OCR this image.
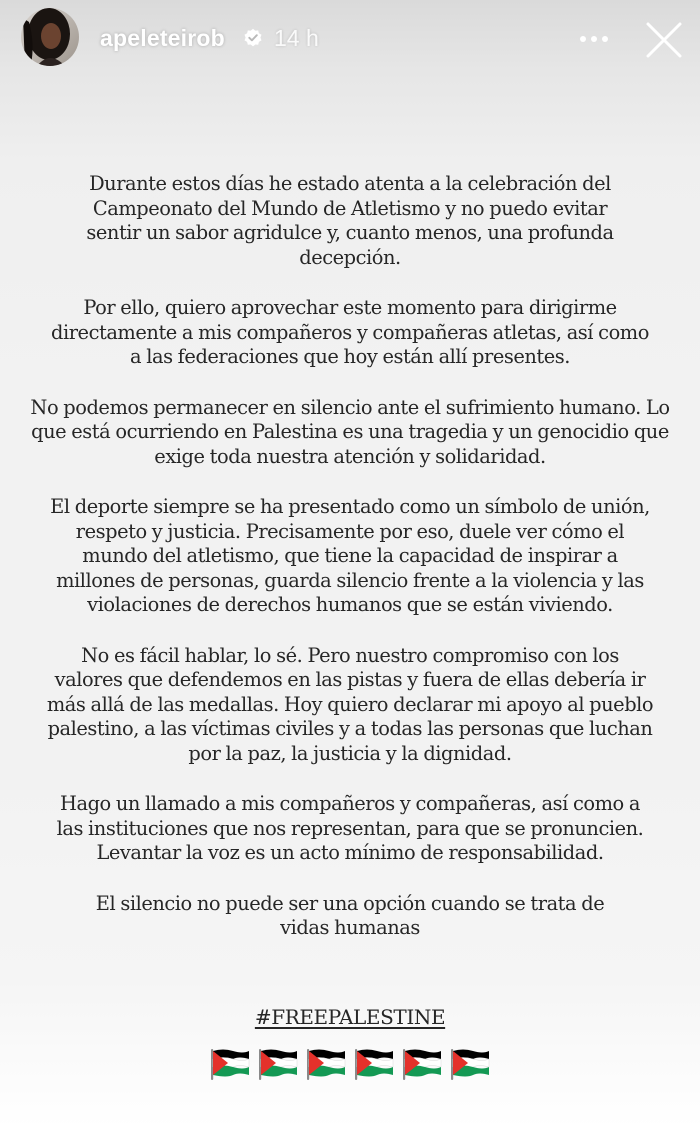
apeleteirob 14 h

Durante estos días he estado atenta a la celebración del Campeonato del Mundo de Atletismo y no puedo evitar sentir un sabor agridulce y, cuanto menos, una profunda decepción.

Por ello, quiero aprovechar este momento para dirigirme directamente a mis compañeros y compañeras atletas, así como a las federaciones que hoy están allí presentes.

No podemos permanecer en silencio ante el sufrimiento humano. Lo que está ocurriendo en Palestina es una tragedia y un genocidio que exige toda nuestra atención y solidaridad.

El deporte siempre se ha presentado como un símbolo de unión, respeto y justicia. Precisamente por eso, duele ver cómo el mundo del atletismo, que tiene la capacidad de inspirar a millones de personas, guarda silencio frente a la violencia y las violaciones de derechos humanos que se están viviendo.

No es fácil hablar, lo sé. Pero nuestro compromiso con los valores que defendemos en las pistas y fuera de ellas debería ir más allá de las medallas. Hoy quiero declarar mi apoyo al pueblo palestino, a las víctimas civiles y a todas las personas que luchan por la paz, la justicia y la dignidad.

Hago un llamado a mis compañeros y compañeras, así como a las instituciones que nos representan, para que se pronuncien. Levantar la voz es un acto mínimo de responsabilidad.

El silencio no puede ser una opción cuando se trata de vidas humanas

#FREEPALESTINE
